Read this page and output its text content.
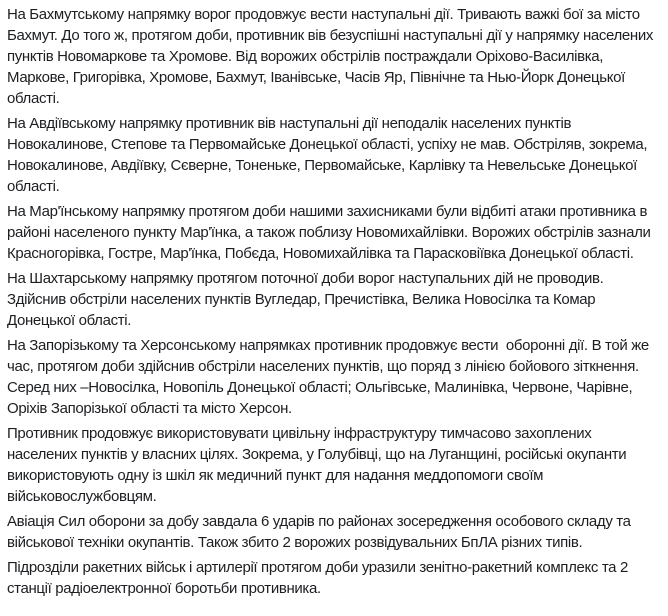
На Бахмутському напрямку ворог продовжує вести наступальні дії. Тривають важкі бої за місто Бахмут. До того ж, протягом доби, противник вів безуспішні наступальні дії у напрямку населених пунктів Новомаркове та Хромове. Від ворожих обстрілів постраждали Оріхово-Василівка, Маркове, Григорівка, Хромове, Бахмут, Іванівське, Часів Яр, Північне та Нью-Йорк Донецької області.

На Авдіївському напрямку противник вів наступальні дії неподалік населених пунктів Новокалинове, Степове та Первомайське Донецької області, успіху не мав. Обстріляв, зокрема, Новокалинове, Авдіївку, Сєверне, Тоненьке, Первомайське, Карлівку та Невельське Донецької області.

На Мар'їнському напрямку протягом доби нашими захисниками були відбиті атаки противника в районі населеного пункту Мар'їнка, а також поблизу Новомихайлівки. Ворожих обстрілів зазнали Красногорівка, Гостре, Мар'їнка, Побєда, Новомихайлівка та Парасковіївка Донецької області.

На Шахтарському напрямку протягом поточної доби ворог наступальних дій не проводив. Здійснив обстріли населених пунктів Вугледар, Пречистівка, Велика Новосілка та Комар Донецької області.

На Запорізькому та Херсонському напрямках противник продовжує вести  оборонні дії. В той же час, протягом доби здійснив обстріли населених пунктів, що поряд з лінією бойового зіткнення. Серед них –Новосілка, Новопіль Донецької області; Ольгівське, Малинівка, Червоне, Чарівне, Оріхів Запорізької області та місто Херсон.

Противник продовжує використовувати цивільну інфраструктуру тимчасово захоплених населених пунктів у власних цілях. Зокрема, у Голубівці, що на Луганщині, російські окупанти використовують одну із шкіл як медичний пункт для надання меддопомоги своїм військовослужбовцям.

Авіація Сил оборони за добу завдала 6 ударів по районах зосередження особового складу та військової техніки окупантів. Також збито 2 ворожих розвідувальних БпЛА різних типів.

Підрозділи ракетних військ і артилерії протягом доби уразили зенітно-ракетний комплекс та 2 станції радіоелектронної боротьби противника.
